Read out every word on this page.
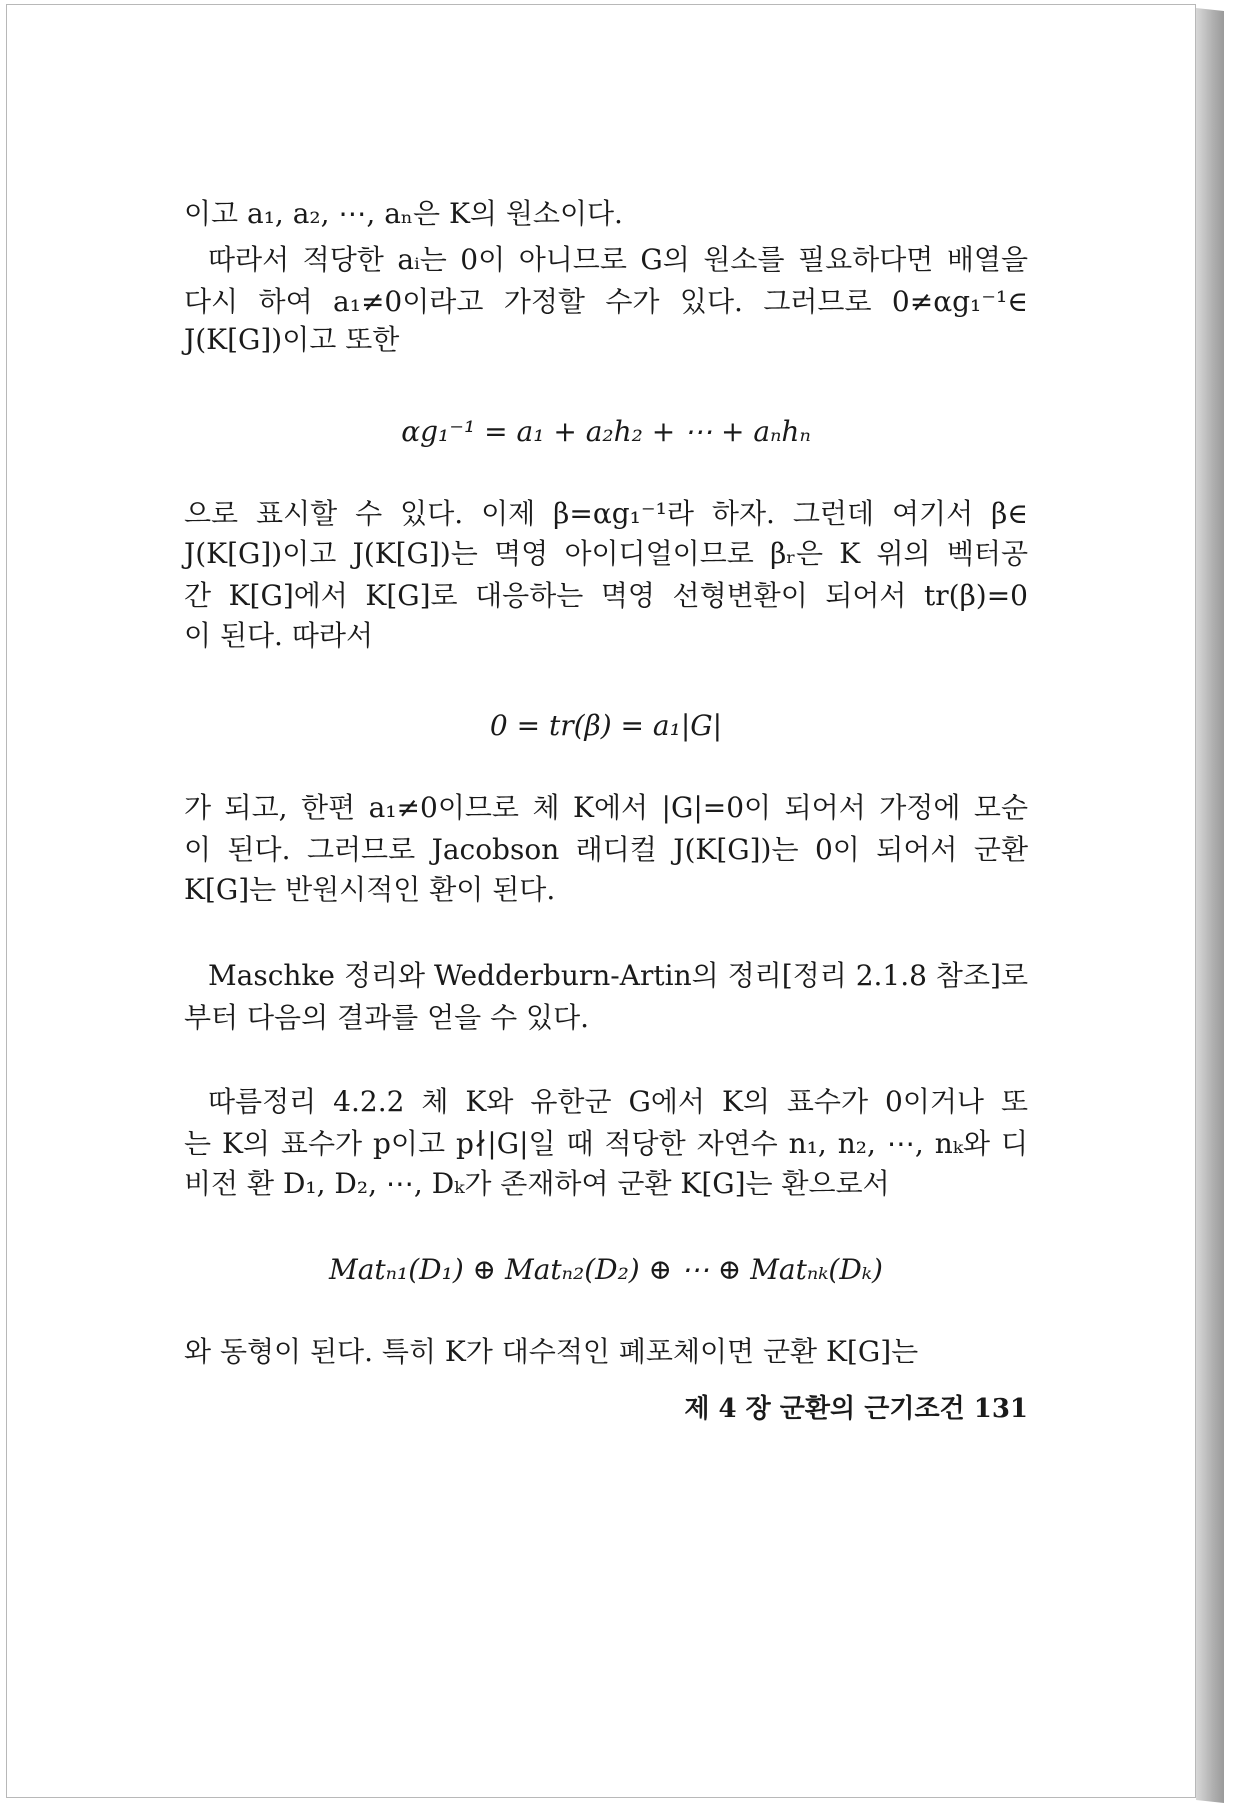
이고 a₁, a₂, ⋯, aₙ은 K의 원소이다.
따라서 적당한 aᵢ는 0이 아니므로 G의 원소를 필요하다면 배열을
다시 하여 a₁≠0이라고 가정할 수가 있다. 그러므로 0≠αg₁⁻¹∈
J(K[G])이고 또한
αg₁⁻¹ = a₁ + a₂h₂ + ⋯ + aₙhₙ
으로 표시할 수 있다. 이제 β=αg₁⁻¹라 하자. 그런데 여기서 β∈
J(K[G])이고 J(K[G])는 멱영 아이디얼이므로 βᵣ은 K 위의 벡터공
간 K[G]에서 K[G]로 대응하는 멱영 선형변환이 되어서 tr(β)=0
이 된다. 따라서
0 = tr(β) = a₁|G|
가 되고, 한편 a₁≠0이므로 체 K에서 |G|=0이 되어서 가정에 모순
이 된다. 그러므로 Jacobson 래디컬 J(K[G])는 0이 되어서 군환
K[G]는 반원시적인 환이 된다.
Maschke 정리와 Wedderburn-Artin의 정리[정리 2.1.8 참조]로
부터 다음의 결과를 얻을 수 있다.
따름정리 4.2.2 체 K와 유한군 G에서 K의 표수가 0이거나 또
는 K의 표수가 p이고 p∤|G|일 때 적당한 자연수 n₁, n₂, ⋯, nₖ와 디
비전 환 D₁, D₂, ⋯, Dₖ가 존재하여 군환 K[G]는 환으로서
Matₙ₁(D₁) ⊕ Matₙ₂(D₂) ⊕ ⋯ ⊕ Matₙₖ(Dₖ)
와 동형이 된다. 특히 K가 대수적인 폐포체이면 군환 K[G]는
제 4 장 군환의 근기조건 131
